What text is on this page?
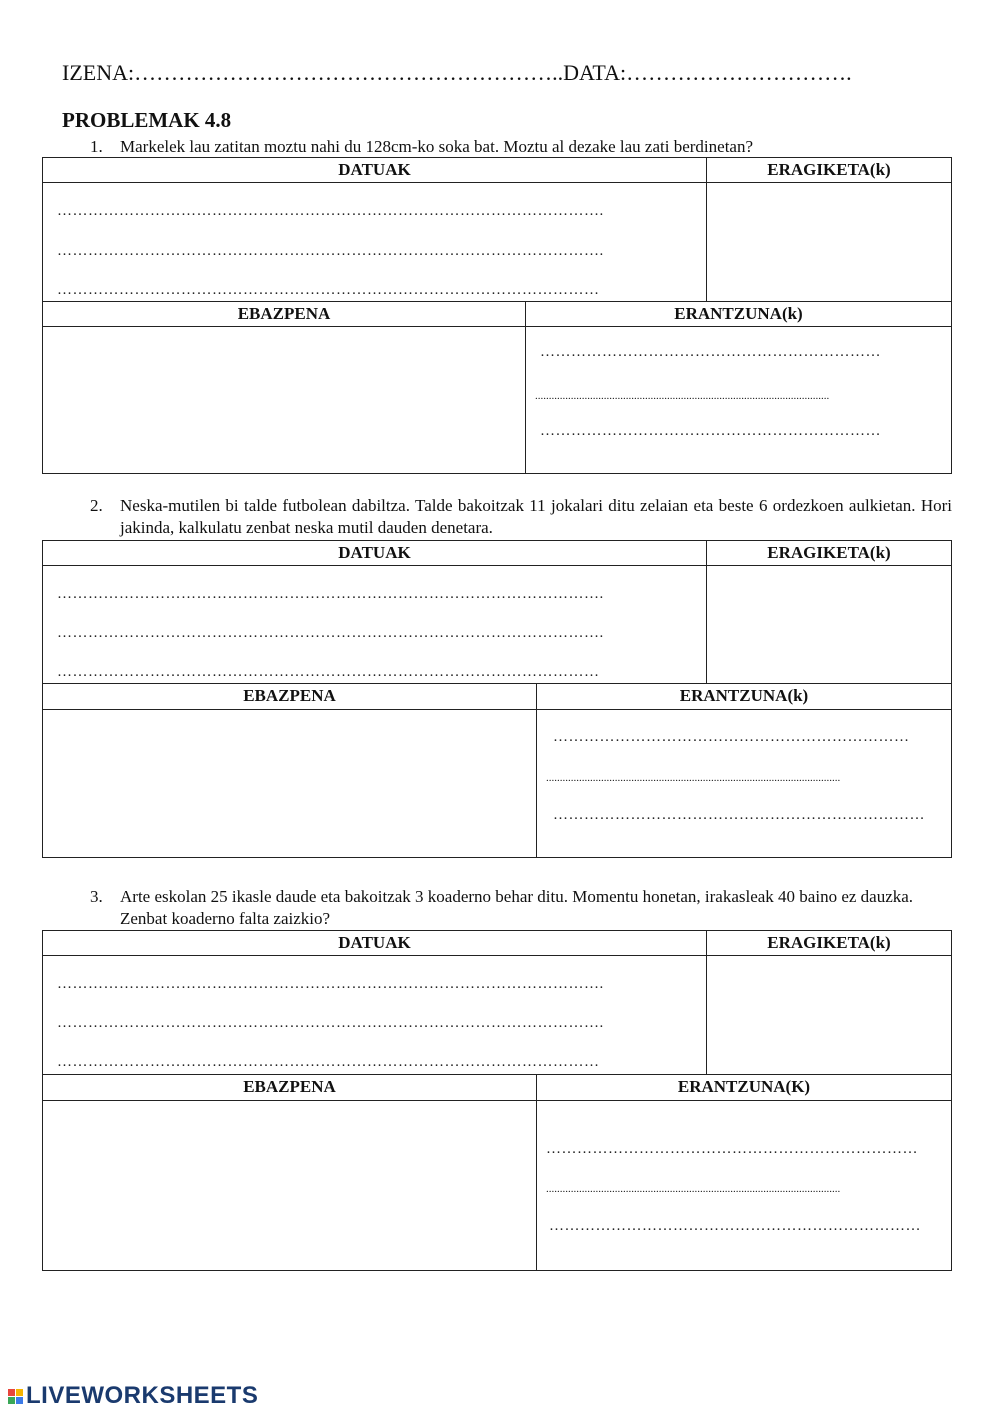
IZENA:…………………………………………………..DATA:………………………….
PROBLEMAK 4.8
1. Markelek lau zatitan moztu nahi du 128cm-ko soka bat. Moztu al dezake lau zati berdinetan?
DATUAK	ERAGIKETA(k)
…………………………………………………………………………………………….
…………………………………………………………………………………………….
……………………………………………………………………………………………
EBAZPENA	ERANTZUNA(k)
…………………………………………………………
...........................................................................................................
…………………………………………………………
2. Neska-mutilen bi talde futbolean dabiltza. Talde bakoitzak 11 jokalari ditu zelaian eta beste 6 ordezkoen aulkietan. Hori jakinda, kalkulatu zenbat neska mutil dauden denetara.
DATUAK	ERAGIKETA(k)
…………………………………………………………………………………………….
…………………………………………………………………………………………….
……………………………………………………………………………………………
EBAZPENA	ERANTZUNA(k)
……………………………………………………………
...........................................................................................................
………………………………………………………………
3. Arte eskolan 25 ikasle daude eta bakoitzak 3 koaderno behar ditu. Momentu honetan, irakasleak 40 baino ez dauzka. Zenbat koaderno falta zaizkio?
DATUAK	ERAGIKETA(k)
…………………………………………………………………………………………….
…………………………………………………………………………………………….
……………………………………………………………………………………………
EBAZPENA	ERANTZUNA(K)
………………………………………………………………
...........................................................................................................
………………………………………………………………
LIVEWORKSHEETS
